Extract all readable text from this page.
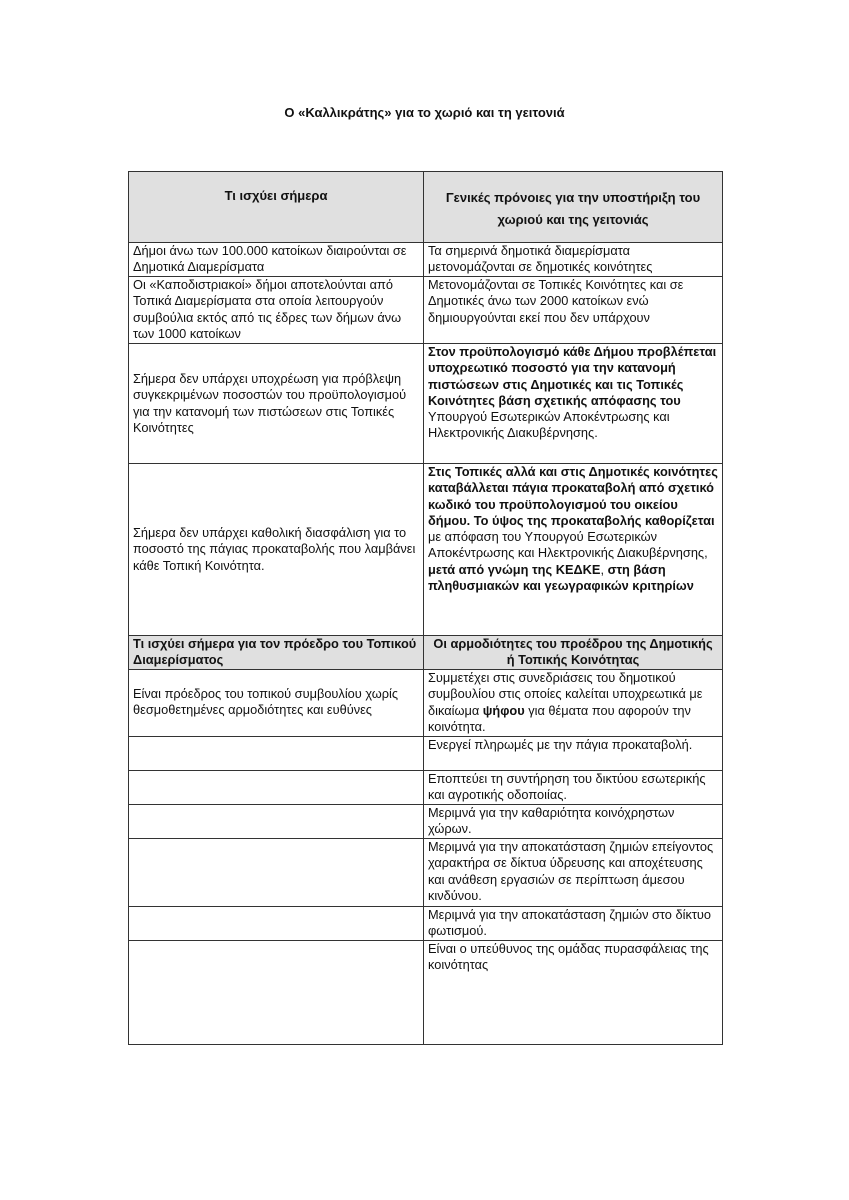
Ο «Καλλικράτης» για το χωριό και τη γειτονιά
Τι ισχύει σήμερα	Γενικές πρόνοιες για την υποστήριξη του χωριού και της γειτονιάς
Δήμοι άνω των 100.000 κατοίκων διαιρούνται σε Δημοτικά Διαμερίσματα	Τα σημερινά δημοτικά διαμερίσματα μετονομάζονται σε δημοτικές κοινότητες
Οι «Καποδιστριακοί» δήμοι αποτελούνται από Τοπικά Διαμερίσματα στα οποία λειτουργούν συμβούλια εκτός από τις έδρες των δήμων άνω των 1000 κατοίκων	Μετονομάζονται σε Τοπικές Κοινότητες και σε Δημοτικές άνω των 2000 κατοίκων ενώ δημιουργούνται εκεί που δεν υπάρχουν
Σήμερα δεν υπάρχει υποχρέωση για πρόβλεψη συγκεκριμένων ποσοστών του προϋπολογισμού για την κατανομή των πιστώσεων στις Τοπικές Κοινότητες	Στον προϋπολογισμό κάθε Δήμου προβλέπεται υποχρεωτικό ποσοστό για την κατανομή πιστώσεων στις Δημοτικές και τις Τοπικές Κοινότητες βάση σχετικής απόφασης του Υπουργού Εσωτερικών Αποκέντρωσης και Ηλεκτρονικής Διακυβέρνησης.
Σήμερα δεν υπάρχει καθολική διασφάλιση για το ποσοστό της πάγιας προκαταβολής που λαμβάνει κάθε Τοπική Κοινότητα.	Στις Τοπικές αλλά και στις Δημοτικές κοινότητες καταβάλλεται πάγια προκαταβολή από σχετικό κωδικό του προϋπολογισμού του οικείου δήμου. Το ύψος της προκαταβολής καθορίζεται με απόφαση του Υπουργού Εσωτερικών Αποκέντρωσης και Ηλεκτρονικής Διακυβέρνησης, μετά από γνώμη της ΚΕΔΚΕ, στη βάση πληθυσμιακών και γεωγραφικών κριτηρίων
Τι ισχύει σήμερα για τον πρόεδρο του Τοπικού Διαμερίσματος	Οι αρμοδιότητες του προέδρου της Δημοτικής ή Τοπικής Κοινότητας
Είναι πρόεδρος του τοπικού συμβουλίου χωρίς θεσμοθετημένες αρμοδιότητες και ευθύνες	Συμμετέχει στις συνεδριάσεις του δημοτικού συμβουλίου στις οποίες καλείται υποχρεωτικά με δικαίωμα ψήφου για θέματα που αφορούν την κοινότητα.
	Ενεργεί πληρωμές με την πάγια προκαταβολή.
	Εποπτεύει τη συντήρηση του δικτύου εσωτερικής και αγροτικής οδοποιίας.
	Μεριμνά για την καθαριότητα κοινόχρηστων χώρων.
	Μεριμνά για την αποκατάσταση ζημιών επείγοντος χαρακτήρα σε δίκτυα ύδρευσης και αποχέτευσης και ανάθεση εργασιών σε περίπτωση άμεσου κινδύνου.
	Μεριμνά για την αποκατάσταση ζημιών στο δίκτυο φωτισμού.
	Είναι ο υπεύθυνος της ομάδας πυρασφάλειας της κοινότητας
